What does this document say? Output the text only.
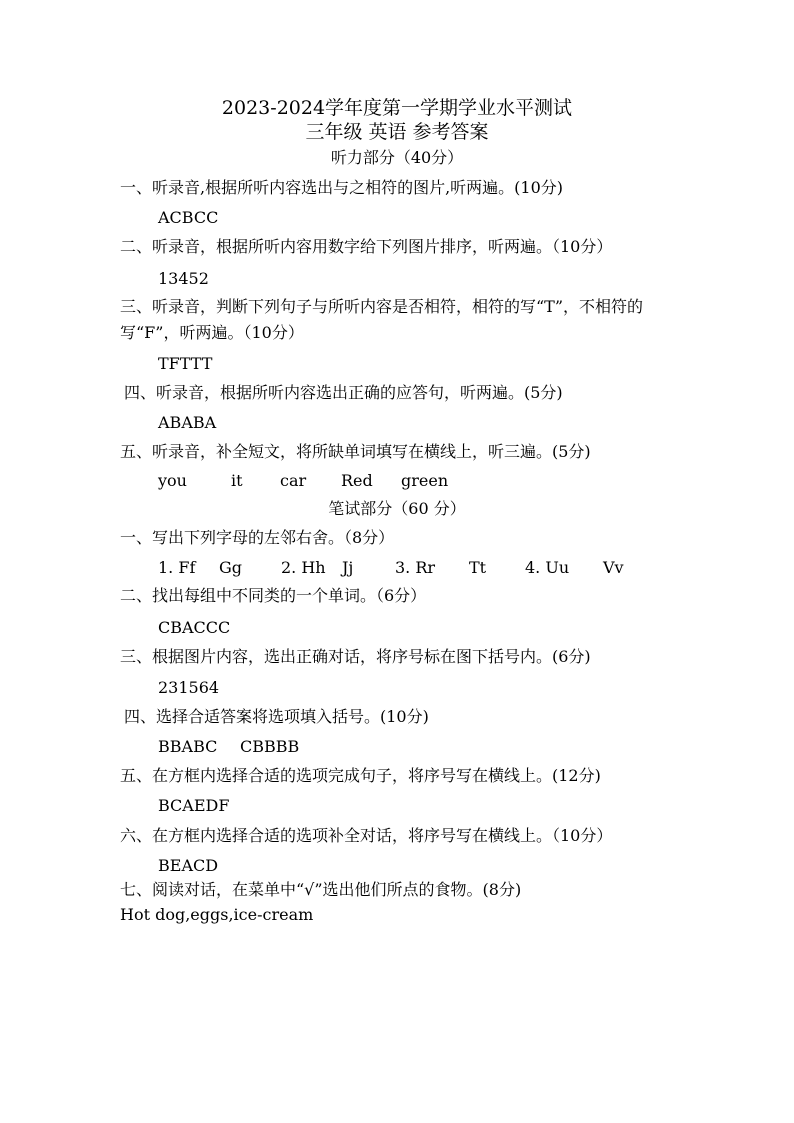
2023-2024学年度第一学期学业水平测试
三年级 英语 参考答案
听力部分（40分）
一、听录音,根据所听内容选出与之相符的图片,听两遍。(10分)
ACBCC
二、听录音，根据所听内容用数字给下列图片排序，听两遍。（10分）
13452
三、听录音，判断下列句子与所听内容是否相符，相符的写“T”，不相符的写“F”，听两遍。（10分）
TFTTT
四、听录音，根据所听内容选出正确的应答句，听两遍。(5分)
ABABA
五、听录音，补全短文，将所缺单词填写在横线上，听三遍。(5分)
you	it car Red green
笔试部分（60 分）
一、写出下列字母的左邻右舍。（8分）
1. Ff Gg 2. Hh Jj	3. Rr Tt 4. Uu Vv
二、找出每组中不同类的一个单词。（6分）
CBACCC
三、根据图片内容，选出正确对话，将序号标在图下括号内。(6分)
231564
四、选择合适答案将选项填入括号。(10分)
BBABC CBBBB
五、在方框内选择合适的选项完成句子，将序号写在横线上。(12分)
BCAEDF
六、在方框内选择合适的选项补全对话，将序号写在横线上。（10分）
BEACD
七、阅读对话，在菜单中“√”选出他们所点的食物。(8分)
Hot dog,eggs,ice-cream
